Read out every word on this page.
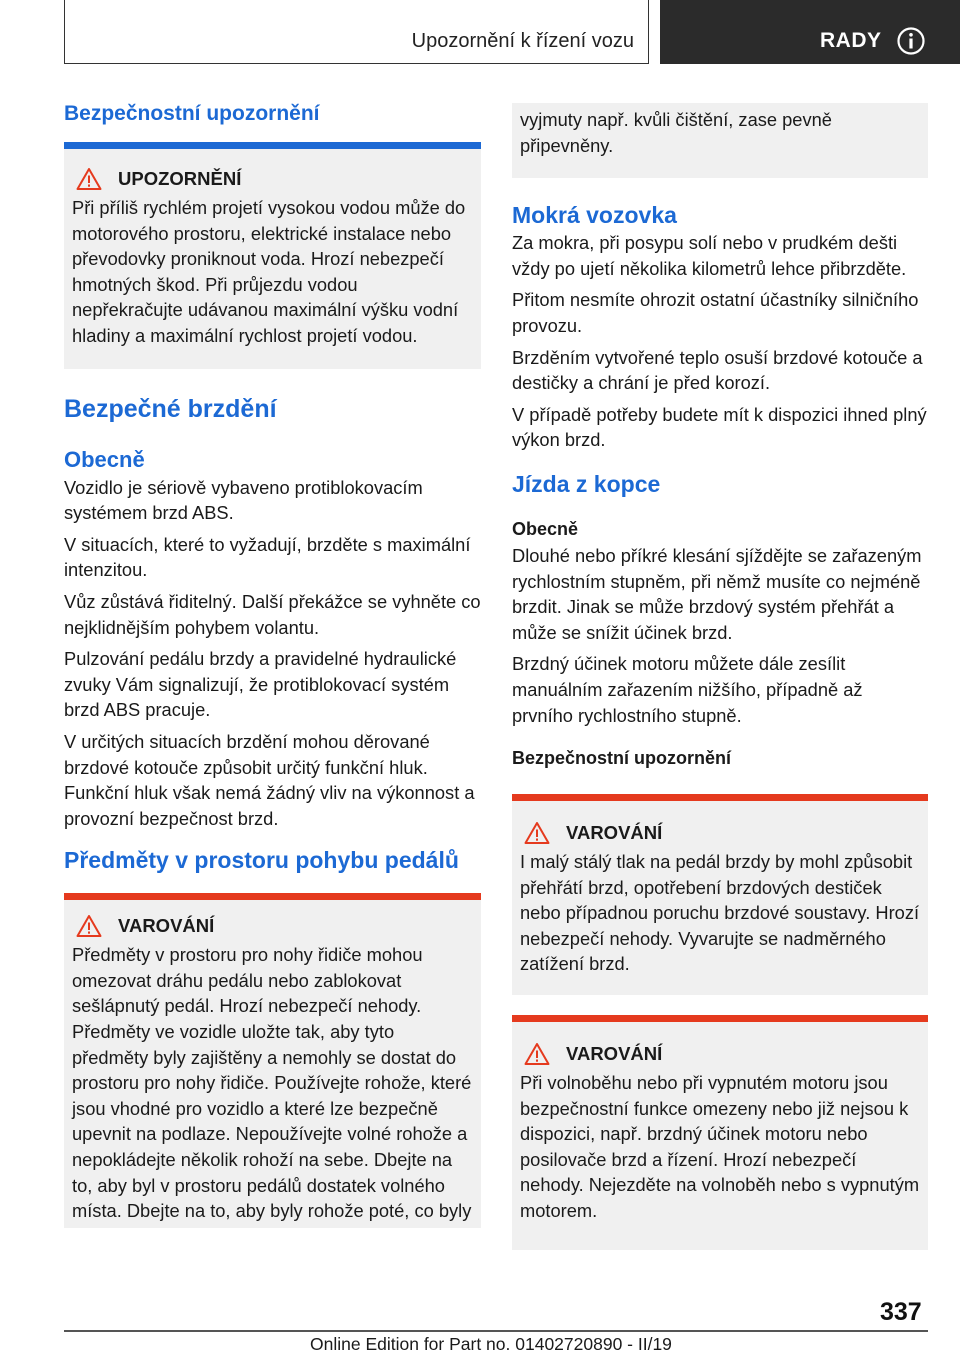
Upozornění k řízení vozu	RADY
Bezpečnostní upozornění
UPOZORNĚNÍ

Při příliš rychlém projetí vysokou vodou může do motorového prostoru, elektrické instalace nebo převodovky proniknout voda. Hrozí nebezpečí hmotných škod. Při průjezdu vodou nepřekračujte udávanou maximální výšku vodní hladiny a maximální rychlost projetí vodou.

Bezpečné brzdění
Obecně

Vozidlo je sériově vybaveno protiblokovacím systémem brzd ABS.

V situacích, které to vyžadují, brzděte s maximální intenzitou.

Vůz zůstává řiditelný. Další překážce se vyhněte co nejklidnějším pohybem volantu.

Pulzování pedálu brzdy a pravidelné hydraulické zvuky Vám signalizují, že protiblokovací systém brzd ABS pracuje.

V určitých situacích brzdění mohou děrované brzdové kotouče způsobit určitý funkční hluk. Funkční hluk však nemá žádný vliv na výkonnost a provozní bezpečnost brzd.

Předměty v prostoru pohybu pedálů
VAROVÁNÍ

Předměty v prostoru pro nohy řidiče mohou omezovat dráhu pedálu nebo zablokovat sešlápnutý pedál. Hrozí nebezpečí nehody. Předměty ve vozidle uložte tak, aby tyto předměty byly zajištěny a nemohly se dostat do prostoru pro nohy řidiče. Používejte rohože, které jsou vhodné pro vozidlo a které lze bezpečně upevnit na podlaze. Nepoužívejte volné rohože a nepokládejte několik rohoží na sebe. Dbejte na to, aby byl v prostoru pedálů dostatek volného místa. Dbejte na to, aby byly rohože poté, co byly

vyjmuty např. kvůli čištění, zase pevně připevněny.

Mokrá vozovka

Za mokra, při posypu solí nebo v prudkém dešti vždy po ujetí několika kilometrů lehce přibrzděte.

Přitom nesmíte ohrozit ostatní účastníky silničního provozu.

Brzděním vytvořené teplo osuší brzdové kotouče a destičky a chrání je před korozí.

V případě potřeby budete mít k dispozici ihned plný výkon brzd.

Jízda z kopce
Obecně

Dlouhé nebo příkré klesání sjíždějte se zařazeným rychlostním stupněm, při němž musíte co nejméně brzdit. Jinak se může brzdový systém přehřát a může se snížit účinek brzd.

Brzdný účinek motoru můžete dále zesílit manuálním zařazením nižšího, případně až prvního rychlostního stupně.

Bezpečnostní upozornění
VAROVÁNÍ

I malý stálý tlak na pedál brzdy by mohl způsobit přehřátí brzd, opotřebení brzdových destiček nebo případnou poruchu brzdové soustavy. Hrozí nebezpečí nehody. Vyvarujte se nadměrného zatížení brzd.

VAROVÁNÍ

Při volnoběhu nebo při vypnutém motoru jsou bezpečnostní funkce omezeny nebo již nejsou k dispozici, např. brzdný účinek motoru nebo posilovače brzd a řízení. Hrozí nebezpečí nehody. Nejezděte na volnoběh nebo s vypnutým motorem.

337
Online Edition for Part no. 01402720890 - II/19
